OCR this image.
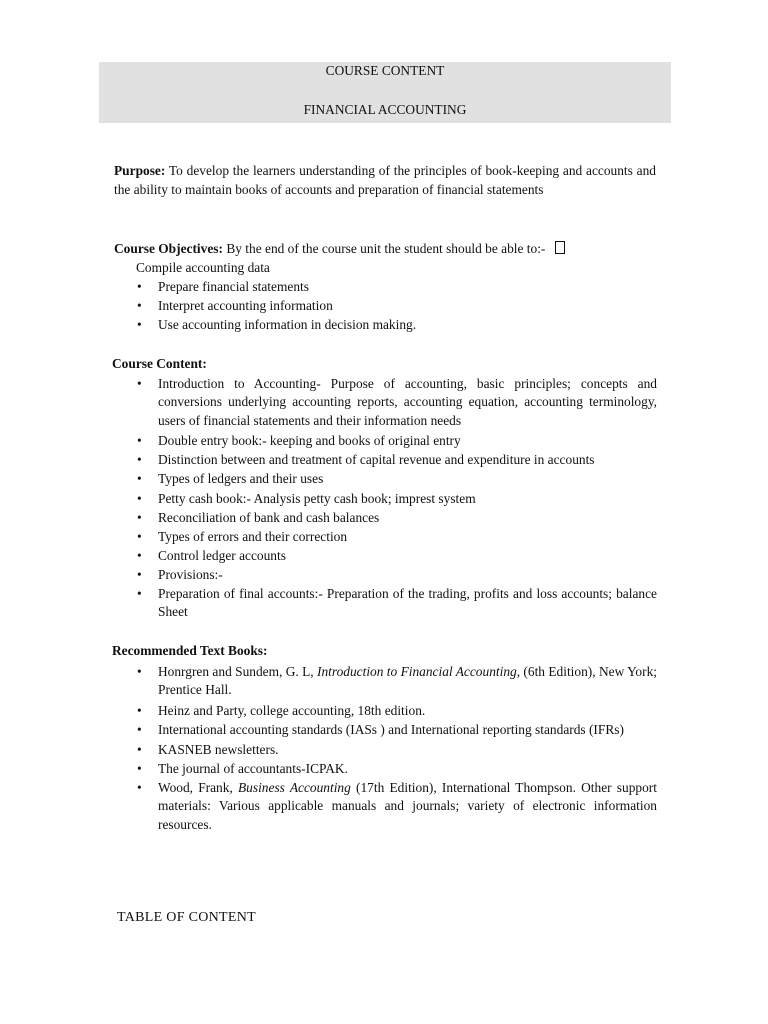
COURSE CONTENT
FINANCIAL ACCOUNTING

Purpose: To develop the learners understanding of the principles of book-keeping and accounts and the ability to maintain books of accounts and preparation of financial statements

Course Objectives: By the end of the course unit the student should be able to:-

Compile accounting data

• Prepare financial statements
• Interpret accounting information
• Use accounting information in decision making.
Course Content:
• Introduction to Accounting- Purpose of accounting, basic principles; concepts and conversions underlying accounting reports, accounting equation, accounting terminology, users of financial statements and their information needs
• Double entry book:- keeping and books of original entry
• Distinction between and treatment of capital revenue and expenditure in accounts
• Types of ledgers and their uses
• Petty cash book:- Analysis petty cash book; imprest system
• Reconciliation of bank and cash balances
• Types of errors and their correction
• Control ledger accounts
• Provisions:-
• Preparation of final accounts:- Preparation of the trading, profits and loss accounts; balance Sheet
Recommended Text Books:
• Honrgren and Sundem, G. L, Introduction to Financial Accounting, (6th Edition), New York; Prentice Hall.
• Heinz and Party, college accounting, 18th edition.
• International accounting standards (IASs ) and International reporting standards (IFRs)
• KASNEB newsletters.
• The journal of accountants-ICPAK.
• Wood, Frank, Business Accounting (17th Edition), International Thompson. Other support materials: Various applicable manuals and journals; variety of electronic information resources.
TABLE OF CONTENT
